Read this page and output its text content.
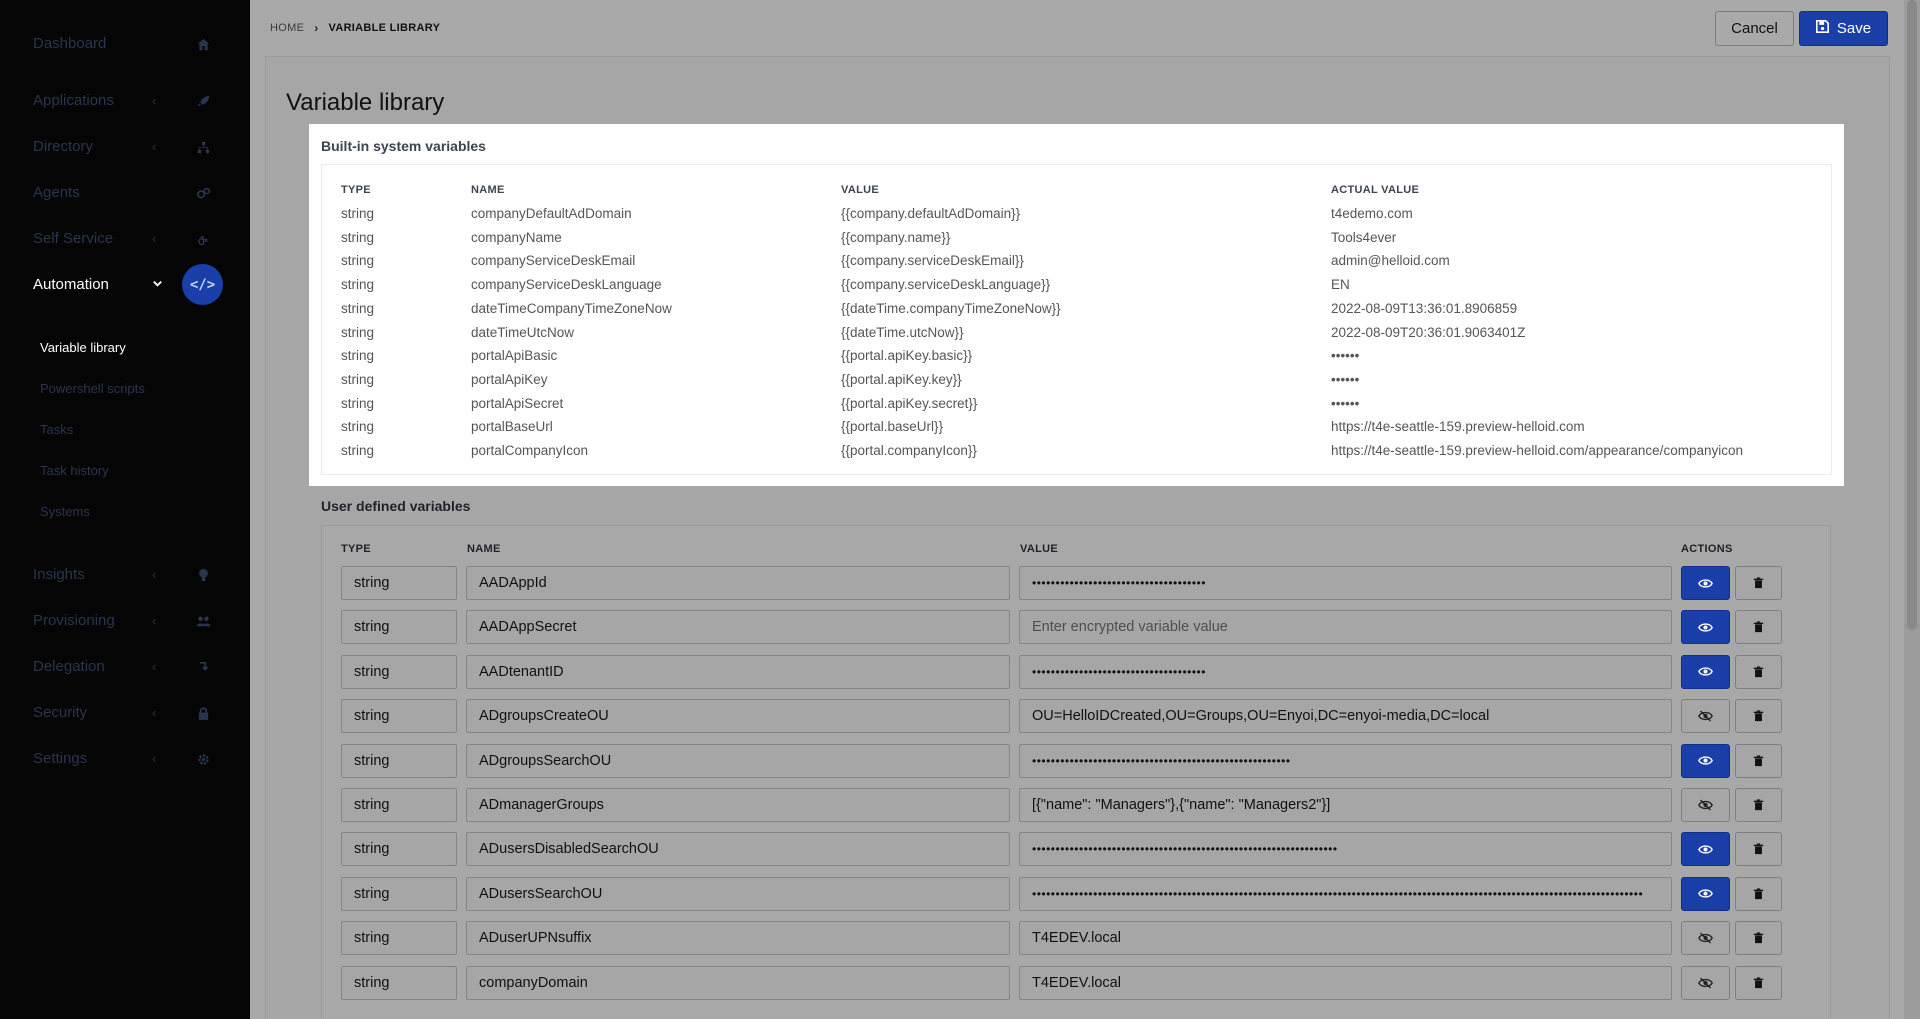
Dashboard
Applications	‹
Directory	‹
Agents
Self Service	‹
Automation	</>
Variable library
Powershell scripts
Tasks
Task history
Systems
Insights	‹
Provisioning	‹
Delegation	‹
Security	‹
Settings	‹
HOME › VARIABLE LIBRARY	Cancel	Save
Variable library
Built-in system variables
TYPE	NAME	VALUE	ACTUAL VALUE
string	companyDefaultAdDomain	{{company.defaultAdDomain}}	t4edemo.com
string	companyName	{{company.name}}	Tools4ever
string	companyServiceDeskEmail	{{company.serviceDeskEmail}}	admin@helloid.com
string	companyServiceDeskLanguage	{{company.serviceDeskLanguage}}	EN
string	dateTimeCompanyTimeZoneNow	{{dateTime.companyTimeZoneNow}}	2022-08-09T13:36:01.8906859
string	dateTimeUtcNow	{{dateTime.utcNow}}	2022-08-09T20:36:01.9063401Z
string	portalApiBasic	{{portal.apiKey.basic}}	••••••
string	portalApiKey	{{portal.apiKey.key}}	••••••
string	portalApiSecret	{{portal.apiKey.secret}}	••••••
string	portalBaseUrl	{{portal.baseUrl}}	https://t4e-seattle-159.preview-helloid.com
string	portalCompanyIcon	{{portal.companyIcon}}	https://t4e-seattle-159.preview-helloid.com/appearance/companyicon
User defined variables
TYPE	NAME	VALUE	ACTIONS
string	AADAppId	•••••••••••••••••••••••••••••••••••••
string	AADAppSecret	Enter encrypted variable value
string	AADtenantID	•••••••••••••••••••••••••••••••••••••
string	ADgroupsCreateOU	OU=HelloIDCreated,OU=Groups,OU=Enyoi,DC=enyoi-media,DC=local
string	ADgroupsSearchOU	•••••••••••••••••••••••••••••••••••••••••••••••••••••••
string	ADmanagerGroups	[{"name": "Managers"},{"name": "Managers2"}]
string	ADusersDisabledSearchOU	•••••••••••••••••••••••••••••••••••••••••••••••••••••••••••••••••
string	ADusersSearchOU	••••••••••••••••••••••••••••••••••••••••••••••••••••••••••••••••••••••••••••••••••••••••••••••••••••••••••••••••••••••••••••••••••
string	ADuserUPNsuffix	T4EDEV.local
string	companyDomain	T4EDEV.local
